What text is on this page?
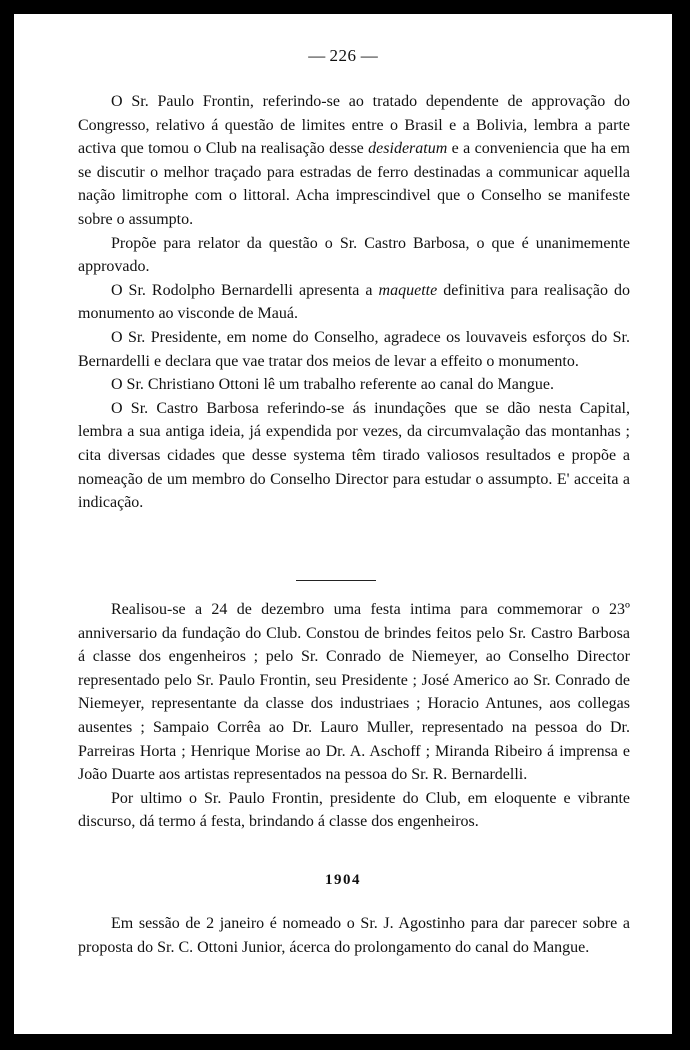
— 226 —

O Sr. Paulo Frontin, referindo-se ao tratado dependente de approvação do Congresso, relativo á questão de limites entre o Brasil e a Bolivia, lembra a parte activa que tomou o Club na realisação desse desideratum e a conveniencia que ha em se discutir o melhor traçado para estradas de ferro destinadas a communicar aquella nação limitrophe com o littoral. Acha imprescindivel que o Conselho se manifeste sobre o assumpto.

Propõe para relator da questão o Sr. Castro Barbosa, o que é unanimemente approvado.

O Sr. Rodolpho Bernardelli apresenta a maquette definitiva para realisação do monumento ao visconde de Mauá.

O Sr. Presidente, em nome do Conselho, agradece os louvaveis esforços do Sr. Bernardelli e declara que vae tratar dos meios de levar a effeito o monumento.

O Sr. Christiano Ottoni lê um trabalho referente ao canal do Mangue.

O Sr. Castro Barbosa referindo-se ás inundações que se dão nesta Capital, lembra a sua antiga ideia, já expendida por vezes, da circumvalação das montanhas ; cita diversas cidades que desse systema têm tirado valiosos resultados e propõe a nomeação de um membro do Conselho Director para estudar o assumpto. E' acceita a indicação.

Realisou-se a 24 de dezembro uma festa intima para commemorar o 23º anniversario da fundação do Club. Constou de brindes feitos pelo Sr. Castro Barbosa á classe dos engenheiros ; pelo Sr. Conrado de Niemeyer, ao Conselho Director representado pelo Sr. Paulo Frontin, seu Presidente ; José Americo ao Sr. Conrado de Niemeyer, representante da classe dos industriaes ; Horacio Antunes, aos collegas ausentes ; Sampaio Corrêa ao Dr. Lauro Muller, representado na pessoa do Dr. Parreiras Horta ; Henrique Morise ao Dr. A. Aschoff ; Miranda Ribeiro á imprensa e João Duarte aos artistas representados na pessoa do Sr. R. Bernardelli.

Por ultimo o Sr. Paulo Frontin, presidente do Club, em eloquente e vibrante discurso, dá termo á festa, brindando á classe dos engenheiros.

1904

Em sessão de 2 janeiro é nomeado o Sr. J. Agostinho para dar parecer sobre a proposta do Sr. C. Ottoni Junior, ácerca do prolongamento do canal do Mangue.
